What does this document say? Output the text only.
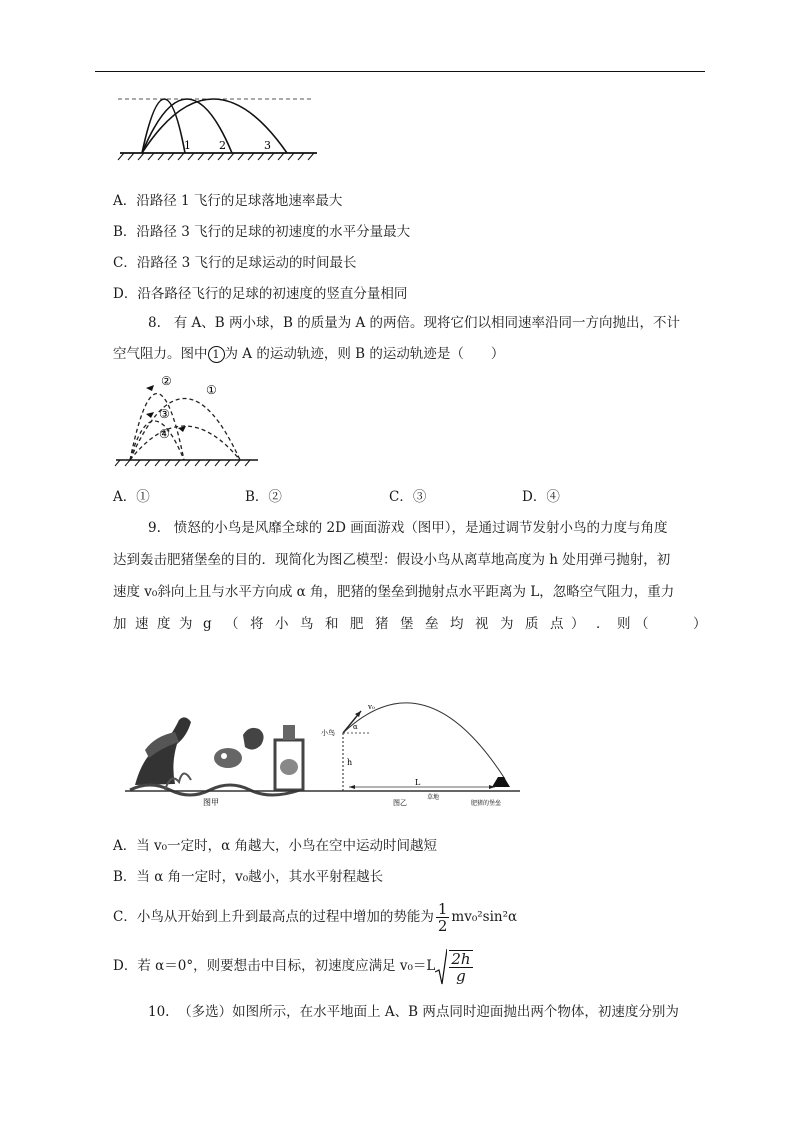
1	2	3
A．沿路径 1 飞行的足球落地速率最大
B．沿路径 3 飞行的足球的初速度的水平分量最大
C．沿路径 3 飞行的足球运动的时间最长
D．沿各路径飞行的足球的初速度的竖直分量相同
8. 有 A、B 两小球，B 的质量为 A 的两倍。现将它们以相同速率沿同一方向抛出，不计
空气阻力。图中 1 为 A 的运动轨迹，则 B 的运动轨迹是（　　）
①
②
③
④
A．①	B．②	C．③	D．④
9. 愤怒的小鸟是风靡全球的 2D 画面游戏（图甲），是通过调节发射小鸟的力度与角度
达到轰击肥猪堡垒的目的．现简化为图乙模型：假设小鸟从离草地高度为 h 处用弹弓抛射，初
速度 v₀斜向上且与水平方向成 α 角，肥猪的堡垒到抛射点水平距离为 L，忽略空气阻力，重力
加 速 度 为 g （ 将 小 鸟 和 肥 猪 堡 垒 均 视 为 质 点 ） ． 则 （
　　　　	）
图甲
v₀
α
h
L
小鸟
草地
图乙	肥猪的堡垒
A．当 v₀一定时，α 角越大，小鸟在空中运动时间越短
B．当 α 角一定时，v₀越小，其水平射程越长
C．小鸟从开始到上升到最高点的过程中增加的势能为 $\frac{1}{2} mv_0^2\sin^2\alpha$
D．若 α＝0°，则要想击中目标，初速度应满足 $v_0=L \frac{2h}{g}$
10. （多选）如图所示，在水平地面上 A、B 两点同时迎面抛出两个物体，初速度分别为
